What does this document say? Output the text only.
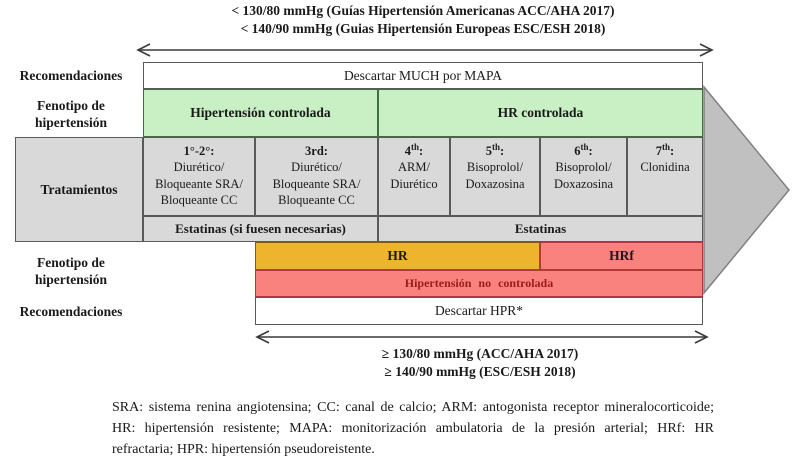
< 130/80 mmHg (Guías Hipertensión Americanas ACC/AHA 2017)
< 140/90 mmHg (Guias Hipertensión Europeas ESC/ESH 2018)
Recomendaciones
Fenotipo de
hipertensión
Tratamientos
Fenotipo de
hipertensión
Recomendaciones
Descartar MUCH por MAPA
Hipertensión controlada	HR controlada
1°-2°:
Diurético/
Bloqueante SRA/
Bloqueante CC
3rd:
Diurético/
Bloqueante SRA/
Bloqueante CC
4th:
ARM/
Diurético
5th:
Bisoprolol/
Doxazosina
6th:
Bisoprolol/
Doxazosina
7th:
Clonidina
Estatinas (si fuesen necesarias)	Estatinas
HR	HRf
Hipertensión no controlada
Descartar HPR*
≥ 130/80 mmHg (ACC/AHA 2017)
≥ 140/90 mmHg (ESC/ESH 2018)
SRA: sistema renina angiotensina; CC: canal de calcio; ARM: antogonista receptor mineralocorticoide; HR: hipertensión resistente; MAPA: monitorización ambulatoria de la presión arterial; HRf: HR refractaria; HPR: hipertensión pseudoreistente.
